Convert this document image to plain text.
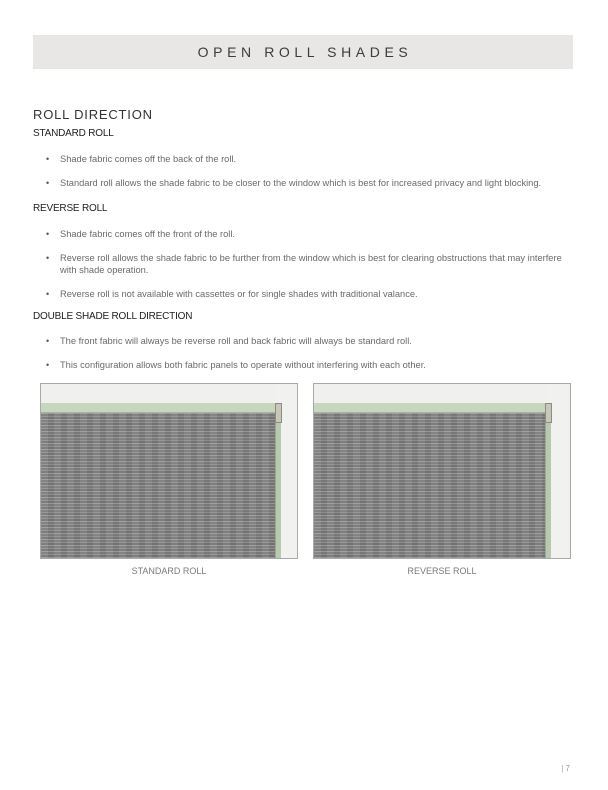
OPEN ROLL SHADES
ROLL DIRECTION
STANDARD ROLL
• Shade fabric comes off the back of the roll.
• Standard roll allows the shade fabric to be closer to the window which is best for increased privacy and light blocking.
REVERSE ROLL
• Shade fabric comes off the front of the roll.
• Reverse roll allows the shade fabric to be further from the window which is best for clearing obstructions that may interfere with shade operation.
• Reverse roll is not available with cassettes or for single shades with traditional valance.
DOUBLE SHADE ROLL DIRECTION
• The front fabric will always be reverse roll and back fabric will always be standard roll.
• This configuration allows both fabric panels to operate without interfering with each other.
STANDARD ROLL	REVERSE ROLL
| 7
